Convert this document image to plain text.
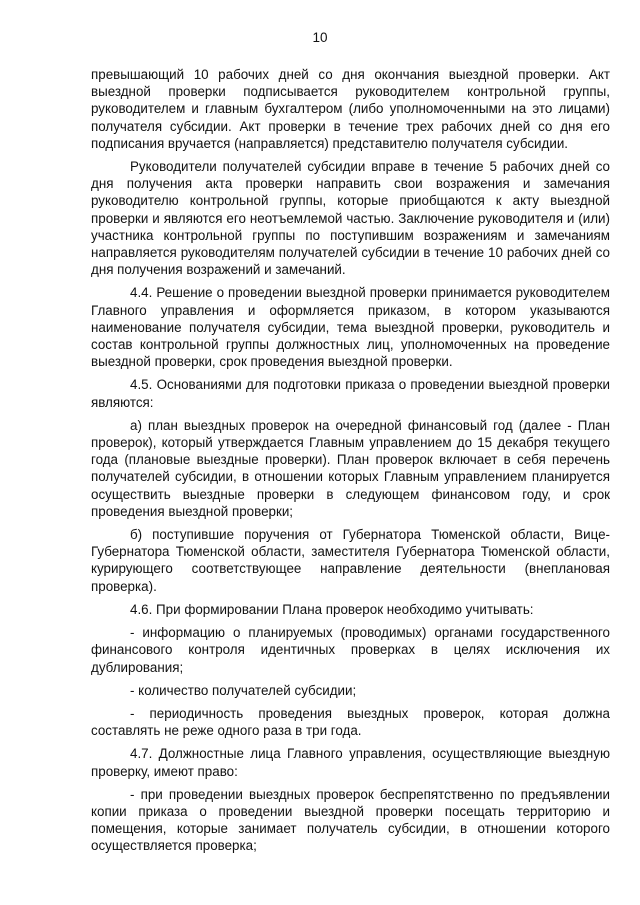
10

превышающий 10 рабочих дней со дня окончания выездной проверки. Акт выездной проверки подписывается руководителем контрольной группы, руководителем и главным бухгалтером (либо уполномоченными на это лицами) получателя субсидии. Акт проверки в течение трех рабочих дней со дня его подписания вручается (направляется) представителю получателя субсидии.

Руководители получателей субсидии вправе в течение 5 рабочих дней со дня получения акта проверки направить свои возражения и замечания руководителю контрольной группы, которые приобщаются к акту выездной проверки и являются его неотъемлемой частью. Заключение руководителя и (или) участника контрольной группы по поступившим возражениям и замечаниям направляется руководителям получателей субсидии в течение 10 рабочих дней со дня получения возражений и замечаний.

4.4. Решение о проведении выездной проверки принимается руководителем Главного управления и оформляется приказом, в котором указываются наименование получателя субсидии, тема выездной проверки, руководитель и состав контрольной группы должностных лиц, уполномоченных на проведение выездной проверки, срок проведения выездной проверки.

4.5. Основаниями для подготовки приказа о проведении выездной проверки являются:

а) план выездных проверок на очередной финансовый год (далее - План проверок), который утверждается Главным управлением до 15 декабря текущего года (плановые выездные проверки). План проверок включает в себя перечень получателей субсидии, в отношении которых Главным управлением планируется осуществить выездные проверки в следующем финансовом году, и срок проведения выездной проверки;

б) поступившие поручения от Губернатора Тюменской области, Вице-Губернатора Тюменской области, заместителя Губернатора Тюменской области, курирующего соответствующее направление деятельности (внеплановая проверка).

4.6. При формировании Плана проверок необходимо учитывать:

- информацию о планируемых (проводимых) органами государственного финансового контроля идентичных проверках в целях исключения их дублирования;

- количество получателей субсидии;

- периодичность проведения выездных проверок, которая должна составлять не реже одного раза в три года.

4.7. Должностные лица Главного управления, осуществляющие выездную проверку, имеют право:

- при проведении выездных проверок беспрепятственно по предъявлении копии приказа о проведении выездной проверки посещать территорию и помещения, которые занимает получатель субсидии, в отношении которого осуществляется проверка;
